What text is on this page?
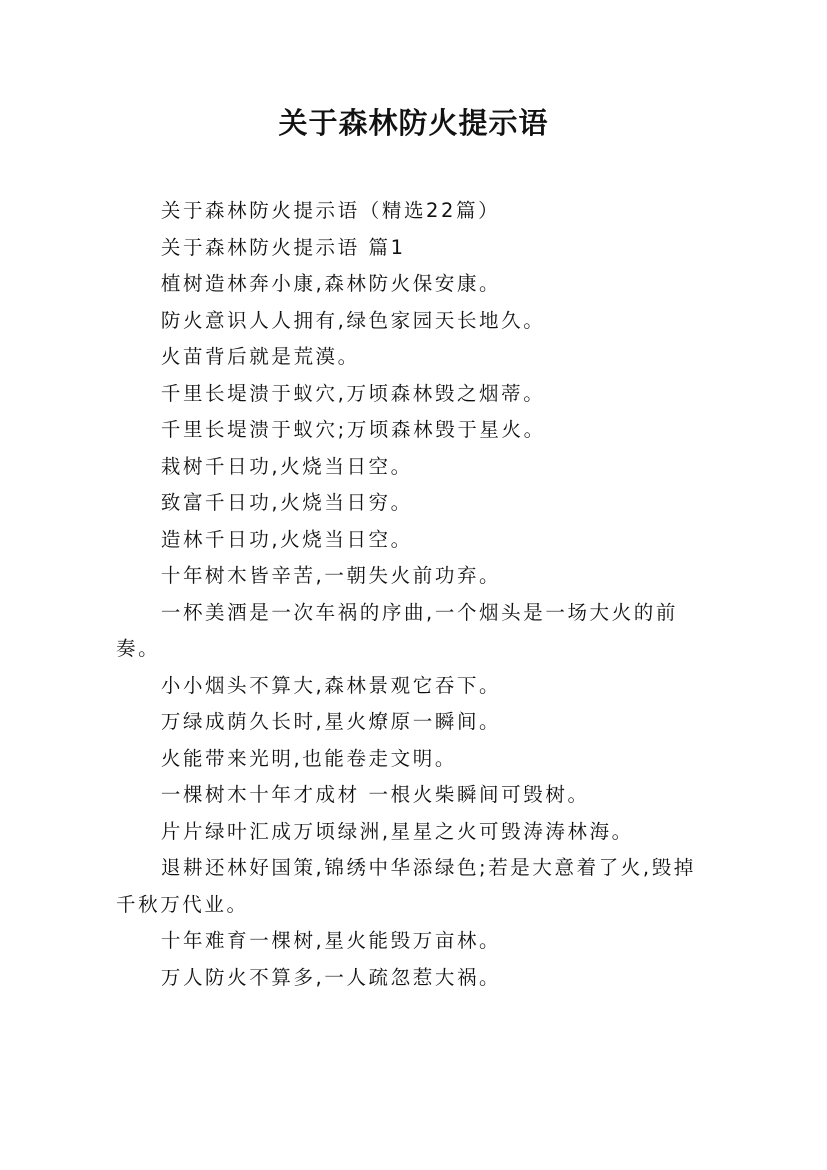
关于森林防火提示语

关于森林防火提示语（精选22篇）

关于森林防火提示语 篇1

植树造林奔小康,森林防火保安康。

防火意识人人拥有,绿色家园天长地久。

火苗背后就是荒漠。

千里长堤溃于蚁穴,万顷森林毁之烟蒂。

千里长堤溃于蚁穴;万顷森林毁于星火。

栽树千日功,火烧当日空。

致富千日功,火烧当日穷。

造林千日功,火烧当日空。

十年树木皆辛苦,一朝失火前功弃。

一杯美酒是一次车祸的序曲,一个烟头是一场大火的前奏。

小小烟头不算大,森林景观它吞下。

万绿成荫久长时,星火燎原一瞬间。

火能带来光明,也能卷走文明。

一棵树木十年才成材 一根火柴瞬间可毁树。

片片绿叶汇成万顷绿洲,星星之火可毁涛涛林海。

退耕还林好国策,锦绣中华添绿色;若是大意着了火,毁掉千秋万代业。

十年难育一棵树,星火能毁万亩林。

万人防火不算多,一人疏忽惹大祸。
